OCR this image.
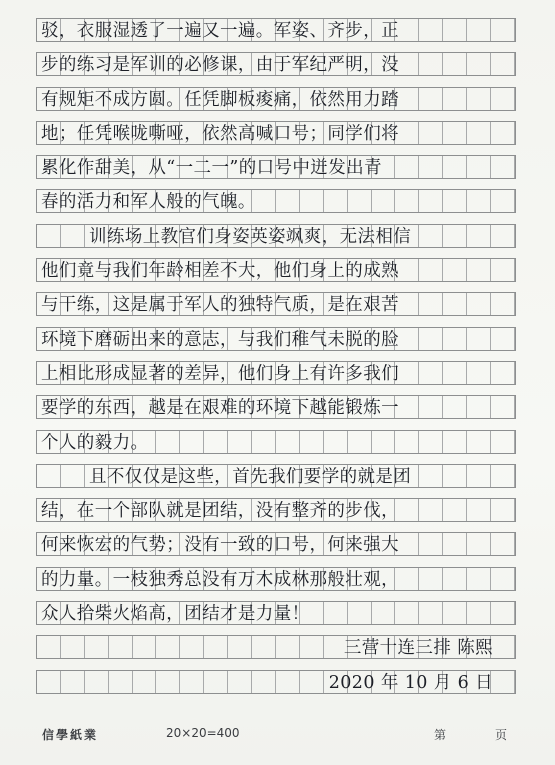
驳，衣服湿透了一遍又一遍。军姿、齐步，正
步的练习是军训的必修课，由于军纪严明，没
有规矩不成方圆。任凭脚板痠痛，依然用力踏
地；任凭喉咙嘶哑，依然高喊口号；同学们将
累化作甜美，从“一二一”的口号中迸发出青
春的活力和军人般的气魄。
训练场上教官们身姿英姿飒爽，无法相信
他们竟与我们年龄相差不大，他们身上的成熟
与干练，这是属于军人的独特气质，是在艰苦
环境下磨砺出来的意志，与我们稚气未脱的脸
上相比形成显著的差异，他们身上有许多我们
要学的东西，越是在艰难的环境下越能锻炼一
个人的毅力。
且不仅仅是这些，首先我们要学的就是团
结，在一个部队就是团结，没有整齐的步伐，
何来恢宏的气势；没有一致的口号，何来强大
的力量。一枝独秀总没有万木成林那般壮观，
众人拾柴火焰高，团结才是力量！
三营十连三排 陈熙
2020 年 10 月 6 日
信學紙業	20×20=400	第	页
